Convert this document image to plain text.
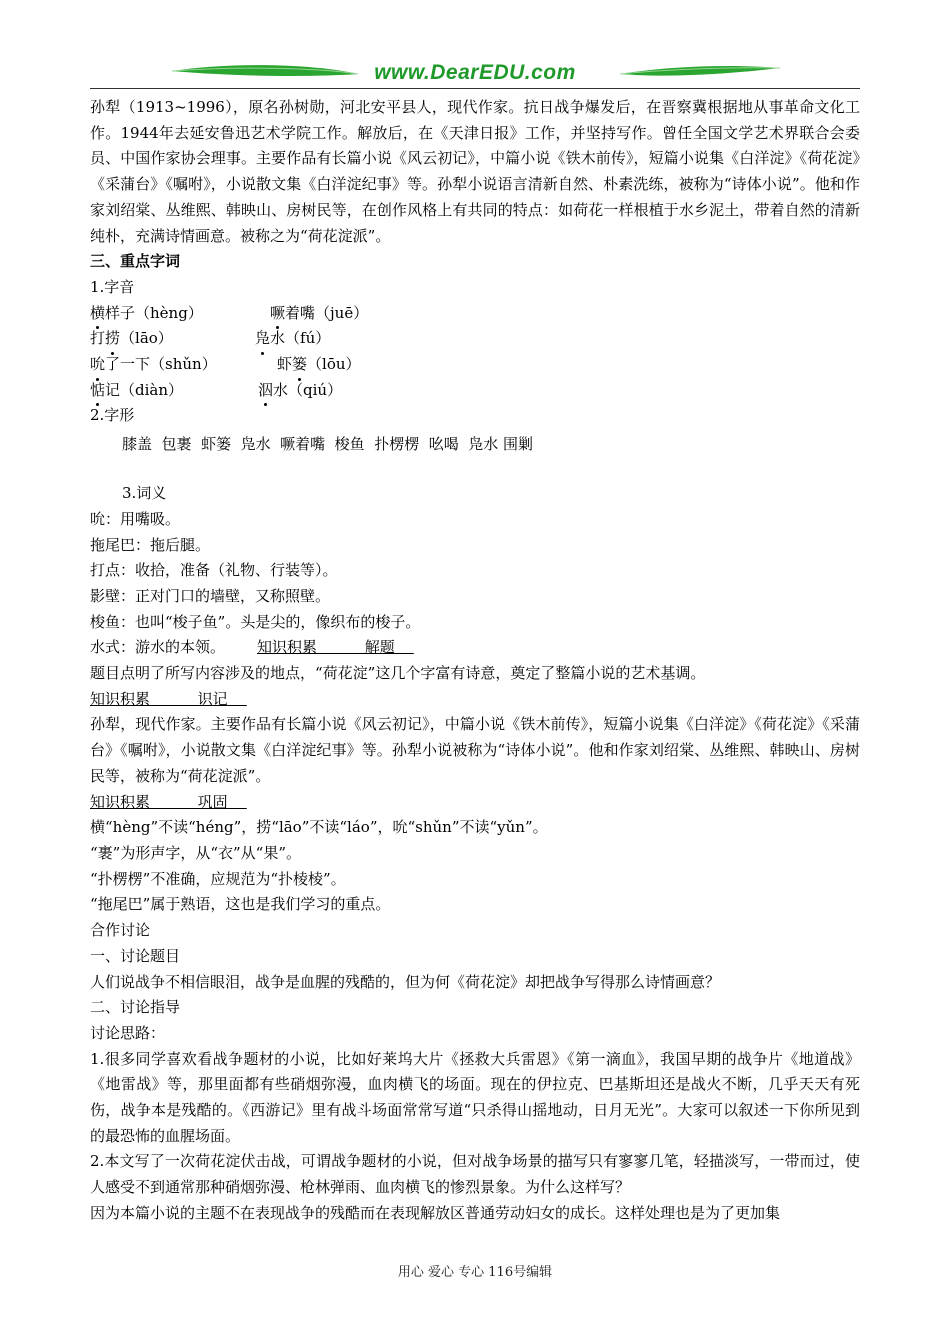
www.DearEDU.com

孙犁（1913~1996），原名孙树勋，河北安平县人，现代作家。抗日战争爆发后，在晋察冀根据地从事革命文化工作。1944年去延安鲁迅艺术学院工作。解放后，在《天津日报》工作，并坚持写作。曾任全国文学艺术界联合会委员、中国作家协会理事。主要作品有长篇小说《风云初记》，中篇小说《铁木前传》，短篇小说集《白洋淀》《荷花淀》《采蒲台》《嘱咐》，小说散文集《白洋淀纪事》等。孙犁小说语言清新自然、朴素洗练，被称为“诗体小说”。他和作家刘绍棠、丛维熙、韩映山、房树民等，在创作风格上有共同的特点：如荷花一样根植于水乡泥土，带着自然的清新纯朴，充满诗情画意。被称之为“荷花淀派”。

三、重点字词

1.字音

横样子（hèng）	噘着嘴（juē）
打捞（lāo）	凫水（fú）
吮了一下（shǔn）	虾篓（lōu）
惦记（diàn）	泅水（qiú）

2.字形

膝盖  包裹  虾篓  凫水  噘着嘴  梭鱼  扑楞楞  吆喝  凫水 围剿

3.词义

吮：用嘴吸。

拖尾巴：拖后腿。

打点：收拾，准备（礼物、行装等）。

影壁：正对门口的墙壁，又称照壁。

梭鱼：也叫“梭子鱼”。头是尖的，像织布的梭子。

水式：游水的本领。 知识积累          解题

题目点明了所写内容涉及的地点，“荷花淀”这几个字富有诗意，奠定了整篇小说的艺术基调。

知识积累          识记

孙犁，现代作家。主要作品有长篇小说《风云初记》，中篇小说《铁木前传》，短篇小说集《白洋淀》《荷花淀》《采蒲台》《嘱咐》，小说散文集《白洋淀纪事》等。孙犁小说被称为“诗体小说”。他和作家刘绍棠、丛维熙、韩映山、房树民等，被称为“荷花淀派”。

知识积累          巩固

横“hèng”不读“héng”，捞“lāo”不读“láo”，吮“shǔn”不读“yǔn”。

“裹”为形声字，从“衣”从“果”。

“扑楞楞”不准确，应规范为“扑棱棱”。

“拖尾巴”属于熟语，这也是我们学习的重点。

合作讨论

一、讨论题目

人们说战争不相信眼泪，战争是血腥的残酷的，但为何《荷花淀》却把战争写得那么诗情画意？

二、讨论指导

讨论思路：

1.很多同学喜欢看战争题材的小说，比如好莱坞大片《拯救大兵雷恩》《第一滴血》，我国早期的战争片《地道战》《地雷战》等，那里面都有些硝烟弥漫，血肉横飞的场面。现在的伊拉克、巴基斯坦还是战火不断，几乎天天有死伤，战争本是残酷的。《西游记》里有战斗场面常常写道“只杀得山摇地动，日月无光”。大家可以叙述一下你所见到的最恐怖的血腥场面。

2.本文写了一次荷花淀伏击战，可谓战争题材的小说，但对战争场景的描写只有寥寥几笔，轻描淡写，一带而过，使人感受不到通常那种硝烟弥漫、枪林弹雨、血肉横飞的惨烈景象。为什么这样写？

因为本篇小说的主题不在表现战争的残酷而在表现解放区普通劳动妇女的成长。这样处理也是为了更加集

用心 爱心 专心 116号编辑
